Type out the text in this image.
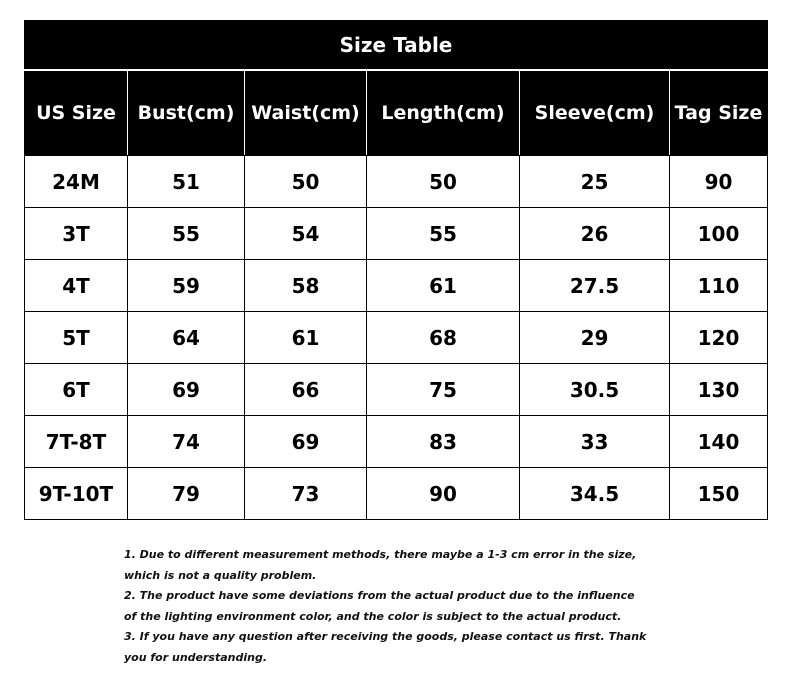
Size Table					
US Size	Bust(cm)	Waist(cm)	Length(cm)	Sleeve(cm)	Tag Size
24M	51	50	50	25	90
3T	55	54	55	26	100
4T	59	58	61	27.5	110
5T	64	61	68	29	120
6T	69	66	75	30.5	130
7T-8T	74	69	83	33	140
9T-10T	79	73	90	34.5	150
1. Due to different measurement methods, there maybe a 1-3 cm error in the size,
which is not a quality problem.
2. The product have some deviations from the actual product due to the influence
of the lighting environment color, and the color is subject to the actual product.
3. If you have any question after receiving the goods, please contact us first. Thank
you for understanding.
